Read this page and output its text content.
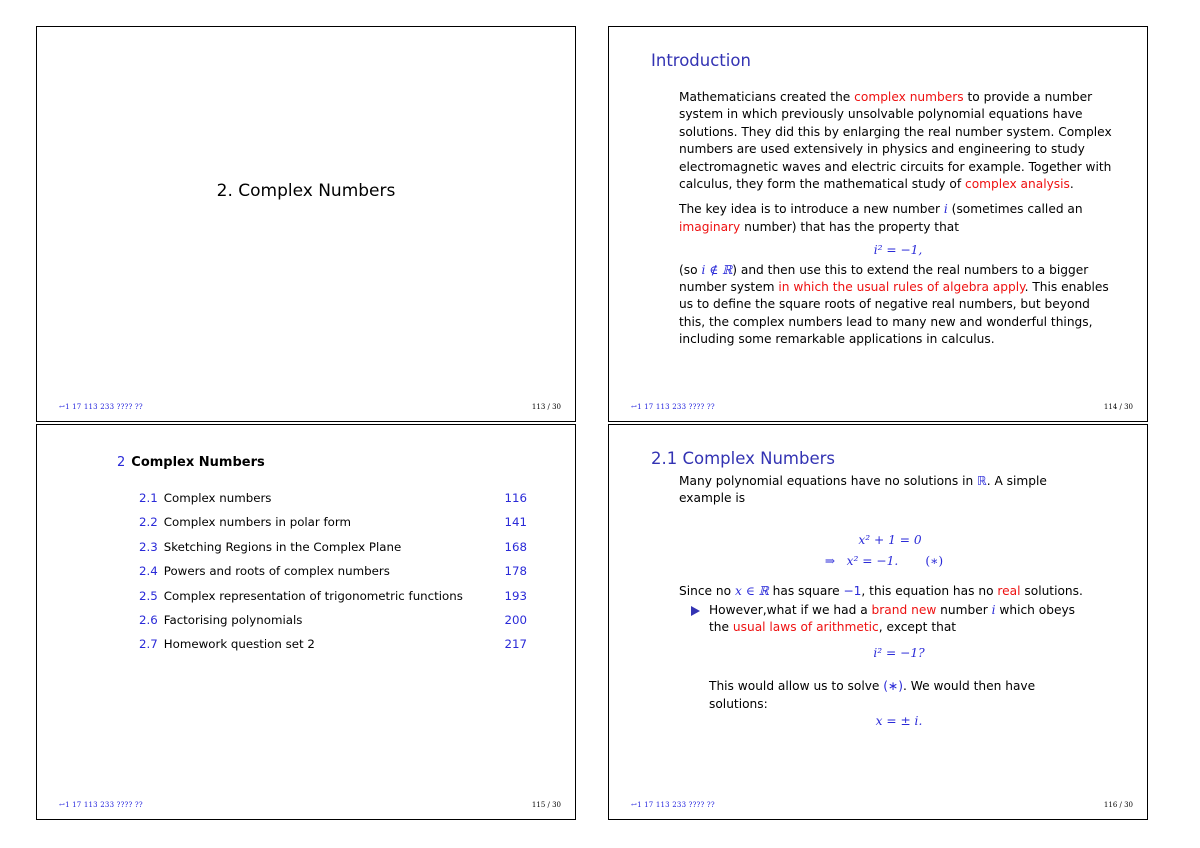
2. Complex Numbers
↩1 17 113 233 ???? ??	113 / 30
Introduction

Mathematicians created the complex numbers to provide a number system in which previously unsolvable polynomial equations have solutions. They did this by enlarging the real number system. Complex numbers are used extensively in physics and engineering to study electromagnetic waves and electric circuits for example. Together with calculus, they form the mathematical study of complex analysis.

The key idea is to introduce a new number i (sometimes called an imaginary number) that has the property that

i² = −1,

(so i ∉ ℝ) and then use this to extend the real numbers to a bigger number system in which the usual rules of algebra apply. This enables us to define the square roots of negative real numbers, but beyond this, the complex numbers lead to many new and wonderful things, including some remarkable applications in calculus.

↩1 17 113 233 ???? ??	114 / 30
2 Complex Numbers
2.1 Complex numbers	116
2.2 Complex numbers in polar form	141
2.3 Sketching Regions in the Complex Plane	168
2.4 Powers and roots of complex numbers	178
2.5 Complex representation of trigonometric functions	193
2.6 Factorising polynomials	200
2.7 Homework question set 2	217
↩1 17 113 233 ???? ??	115 / 30
2.1 Complex Numbers

Many polynomial equations have no solutions in ℝ. A simple example is

x² + 1 = 0
⇒ x² = −1. (∗)

Since no x ∈ ℝ has square −1, this equation has no real solutions.

However,what if we had a brand new number i which obeys the usual laws of arithmetic, except that
i² = −1?

This would allow us to solve (∗). We would then have solutions:

x = ± i.
↩1 17 113 233 ???? ??	116 / 30
